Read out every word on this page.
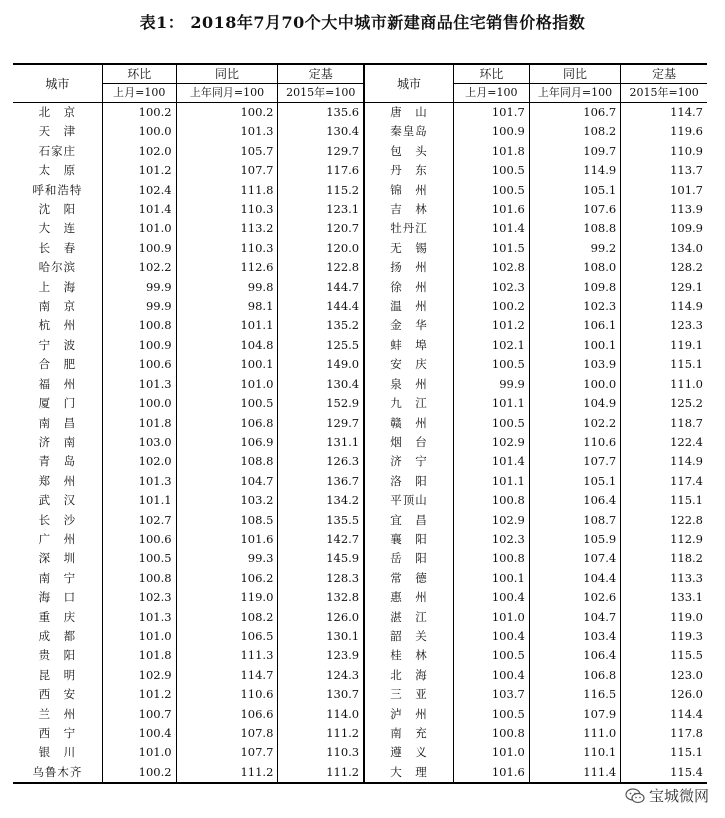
表1： 2018年7月70个大中城市新建商品住宅销售价格指数
城市	环比	同比	定基	城市	环比	同比	定基
	上月=100	上年同月=100	2015年=100		上月=100	上年同月=100	2015年=100
北　京	100.2	100.2	135.6	唐　山	101.7	106.7	114.7
天　津	100.0	101.3	130.4	秦皇岛	100.9	108.2	119.6
石家庄	102.0	105.7	129.7	包　头	101.8	109.7	110.9
太　原	101.2	107.7	117.6	丹　东	100.5	114.9	113.7
呼和浩特	102.4	111.8	115.2	锦　州	100.5	105.1	101.7
沈　阳	101.4	110.3	123.1	吉　林	101.6	107.6	113.9
大　连	101.0	113.2	120.7	牡丹江	101.4	108.8	109.9
长　春	100.9	110.3	120.0	无　锡	101.5	99.2	134.0
哈尔滨	102.2	112.6	122.8	扬　州	102.8	108.0	128.2
上　海	99.9	99.8	144.7	徐　州	102.3	109.8	129.1
南　京	99.9	98.1	144.4	温　州	100.2	102.3	114.9
杭　州	100.8	101.1	135.2	金　华	101.2	106.1	123.3
宁　波	100.9	104.8	125.5	蚌　埠	102.1	100.1	119.1
合　肥	100.6	100.1	149.0	安　庆	100.5	103.9	115.1
福　州	101.3	101.0	130.4	泉　州	99.9	100.0	111.0
厦　门	100.0	100.5	152.9	九　江	101.1	104.9	125.2
南　昌	101.8	106.8	129.7	赣　州	100.5	102.2	118.7
济　南	103.0	106.9	131.1	烟　台	102.9	110.6	122.4
青　岛	102.0	108.8	126.3	济　宁	101.4	107.7	114.9
郑　州	101.3	104.7	136.7	洛　阳	101.1	105.1	117.4
武　汉	101.1	103.2	134.2	平顶山	100.8	106.4	115.1
长　沙	102.7	108.5	135.5	宜　昌	102.9	108.7	122.8
广　州	100.6	101.6	142.7	襄　阳	102.3	105.9	112.9
深　圳	100.5	99.3	145.9	岳　阳	100.8	107.4	118.2
南　宁	100.8	106.2	128.3	常　德	100.1	104.4	113.3
海　口	102.3	119.0	132.8	惠　州	100.4	102.6	133.1
重　庆	101.3	108.2	126.0	湛　江	101.0	104.7	119.0
成　都	101.0	106.5	130.1	韶　关	100.4	103.4	119.3
贵　阳	101.8	111.3	123.9	桂　林	100.5	106.4	115.5
昆　明	102.9	114.7	124.3	北　海	100.4	106.8	123.0
西　安	101.2	110.6	130.7	三　亚	103.7	116.5	126.0
兰　州	100.7	106.6	114.0	泸　州	100.5	107.9	114.4
西　宁	100.4	107.8	111.2	南　充	100.8	111.0	117.8
银　川	101.0	107.7	110.3	遵　义	101.0	110.1	115.1
乌鲁木齐	100.2	111.2	111.2	大　理	101.6	111.4	115.4
宝城微网
